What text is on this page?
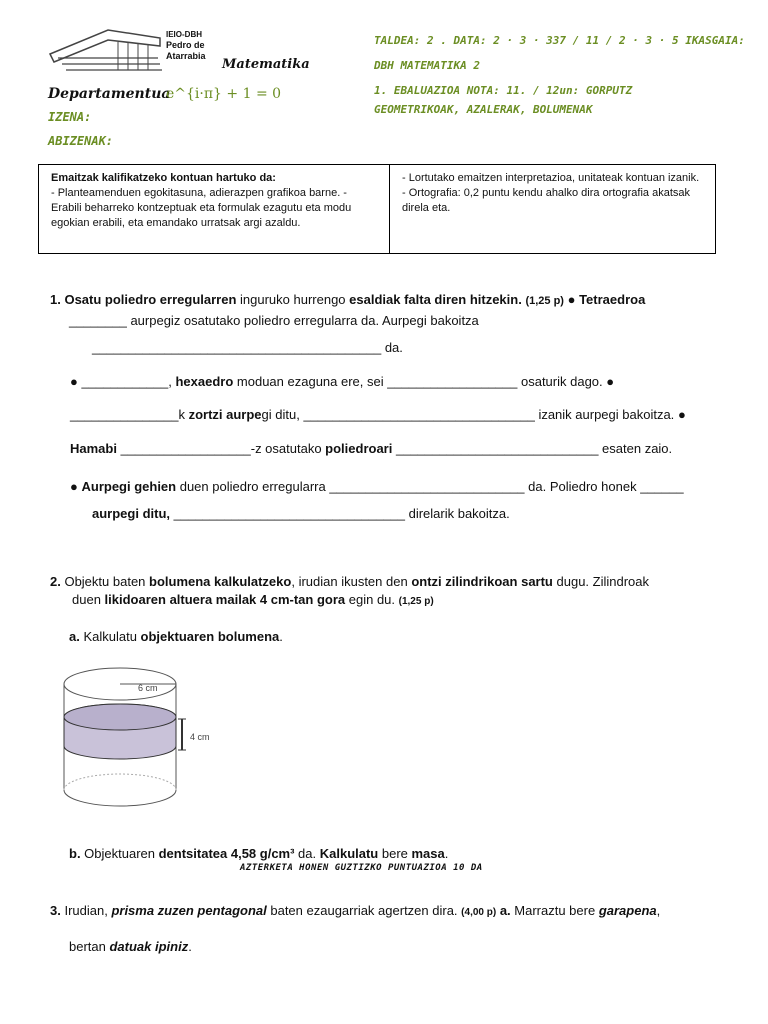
IEIO-DBH
Pedro de
Atarrabia
Matematika
Departamentua
e^{i·π} + 1 = 0
IZENA:
ABIZENAK:
TALDEA: 2 . DATA: 2 · 3 · 337 / 11 / 2 · 3 · 5 IKASGAIA:
DBH MATEMATIKA 2
1. EBALUAZIOA NOTA: 11. / 12un: GORPUTZ
GEOMETRIKOAK, AZALERAK, BOLUMENAK
Emaitzak kalifikatzeko kontuan hartuko da:
- Planteamenduen egokitasuna, adierazpen grafikoa barne. - Erabili beharreko kontzeptuak eta formulak ezagutu eta modu egokian erabili, eta emandako urratsak argi azaldu.
- Lortutako emaitzen interpretazioa, unitateak kontuan izanik.
- Ortografia: 0,2 puntu kendu ahalko dira ortografia akatsak direla eta.
1. Osatu poliedro erregularren inguruko hurrengo esaldiak falta diren hitzekin. (1,25 p) ● Tetraedroa
________ aurpegiz osatutako poliedro erregularra da. Aurpegi bakoitza
________________________________________ da.
● ____________, hexaedro moduan ezaguna ere, sei __________________ osaturik dago. ●
_______________k zortzi aurpegi ditu, ________________________________ izanik aurpegi bakoitza. ●
Hamabi __________________-z osatutako poliedroari ____________________________ esaten zaio.
● Aurpegi gehien duen poliedro erregularra ___________________________ da. Poliedro honek ______
aurpegi ditu, ________________________________ direlarik bakoitza.
2. Objektu baten bolumena kalkulatzeko, irudian ikusten den ontzi zilindrikoan sartu dugu. Zilindroak
duen likidoaren altuera mailak 4 cm-tan gora egin du. (1,25 p)
a. Kalkulatu objektuaren bolumena.
6 cm
4 cm
b. Objektuaren dentsitatea 4,58 g/cm³ da. Kalkulatu bere masa.
AZTERKETA HONEN GUZTIZKO PUNTUAZIOA 10 DA
3. Irudian, prisma zuzen pentagonal baten ezaugarriak agertzen dira. (4,00 p) a. Marraztu bere garapena,
bertan datuak ipiniz.
